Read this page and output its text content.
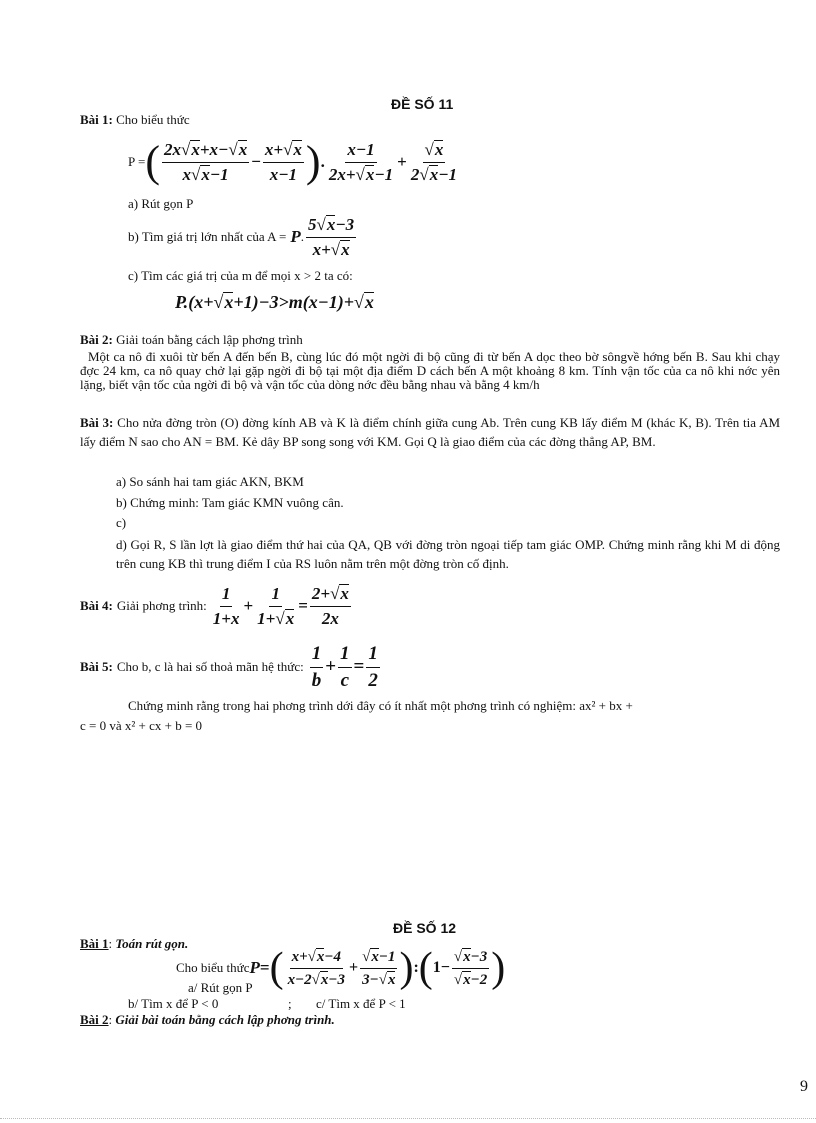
ĐỀ SỐ 11
Bài 1: Cho biểu thức
P = ( $\frac{2x√x+x-√x}{x√x-1} - \frac{x+√x}{x-1}$ ) . $\frac{x-1}{2x+√x-1} + \frac{√x}{2√x-1}$
a) Rút gọn P
b) Tìm giá trị lớn nhất của A = P . $\frac{5√x-3}{x+√x}$
c) Tìm các giá trị của m để mọi x > 2 ta có:
P.(x+√x+1)−3>m(x−1)+√x
Bài 2: Giải toán bằng cách lập phơng trình
Một ca nô đi xuôi từ bến A đến bến B, cùng lúc đó một ngời đi bộ cũng đi từ bến A dọc theo bờ sôngvề hớng bến B. Sau khi chạy đợc 24 km, ca nô quay chở lại gặp ngời đi bộ tại một địa điểm D cách bến A một khoảng 8 km. Tính vận tốc của ca nô khi nớc yên lặng, biết vận tốc của ngời đi bộ và vận tốc của dòng nớc đều bằng nhau và bằng 4 km/h
Bài 3: Cho nửa đờng tròn (O) đờng kính AB và K là điểm chính giữa cung Ab. Trên cung KB lấy điểm M (khác K, B). Trên tia AM lấy điểm N sao cho AN = BM. Kẻ dây BP song song với KM. Gọi Q là giao điểm của các đờng thẳng AP, BM.
a) So sánh hai tam giác AKN, BKM
b) Chứng minh: Tam giác KMN vuông cân.
c)
d) Gọi R, S lần lợt là giao điểm thứ hai của QA, QB với đờng tròn ngoại tiếp tam giác OMP. Chứng minh rằng khi M di động trên cung KB thì trung điểm I của RS luôn nằm trên một đờng tròn cố định.
Bài 4: Giải phơng trình: $\frac{1}{1+x} + \frac{1}{1+√x} = \frac{2+√x}{2x}$
Bài 5: Cho b, c là hai số thoả mãn hệ thức: $\frac{1}{b} + \frac{1}{c} = \frac{1}{2}$
Chứng minh rằng trong hai phơng trình dới đây có ít nhất một phơng trình có nghiệm: ax² + bx +
c = 0 và x² + cx + b = 0
ĐỀ SỐ 12
Bài 1: Toán rút gọn.
Cho biểu thức P = ( $\frac{x+√x-4}{x-2√x-3} + \frac{√x-1}{3-√x}$ ) : ( $1- \frac{√x-3}{√x-2}$ )
a/ Rút gọn P
b/ Tìm x để P < 0	; c/ Tìm x để P < 1
Bài 2: Giải bài toán bằng cách lập phơng trình.
9
